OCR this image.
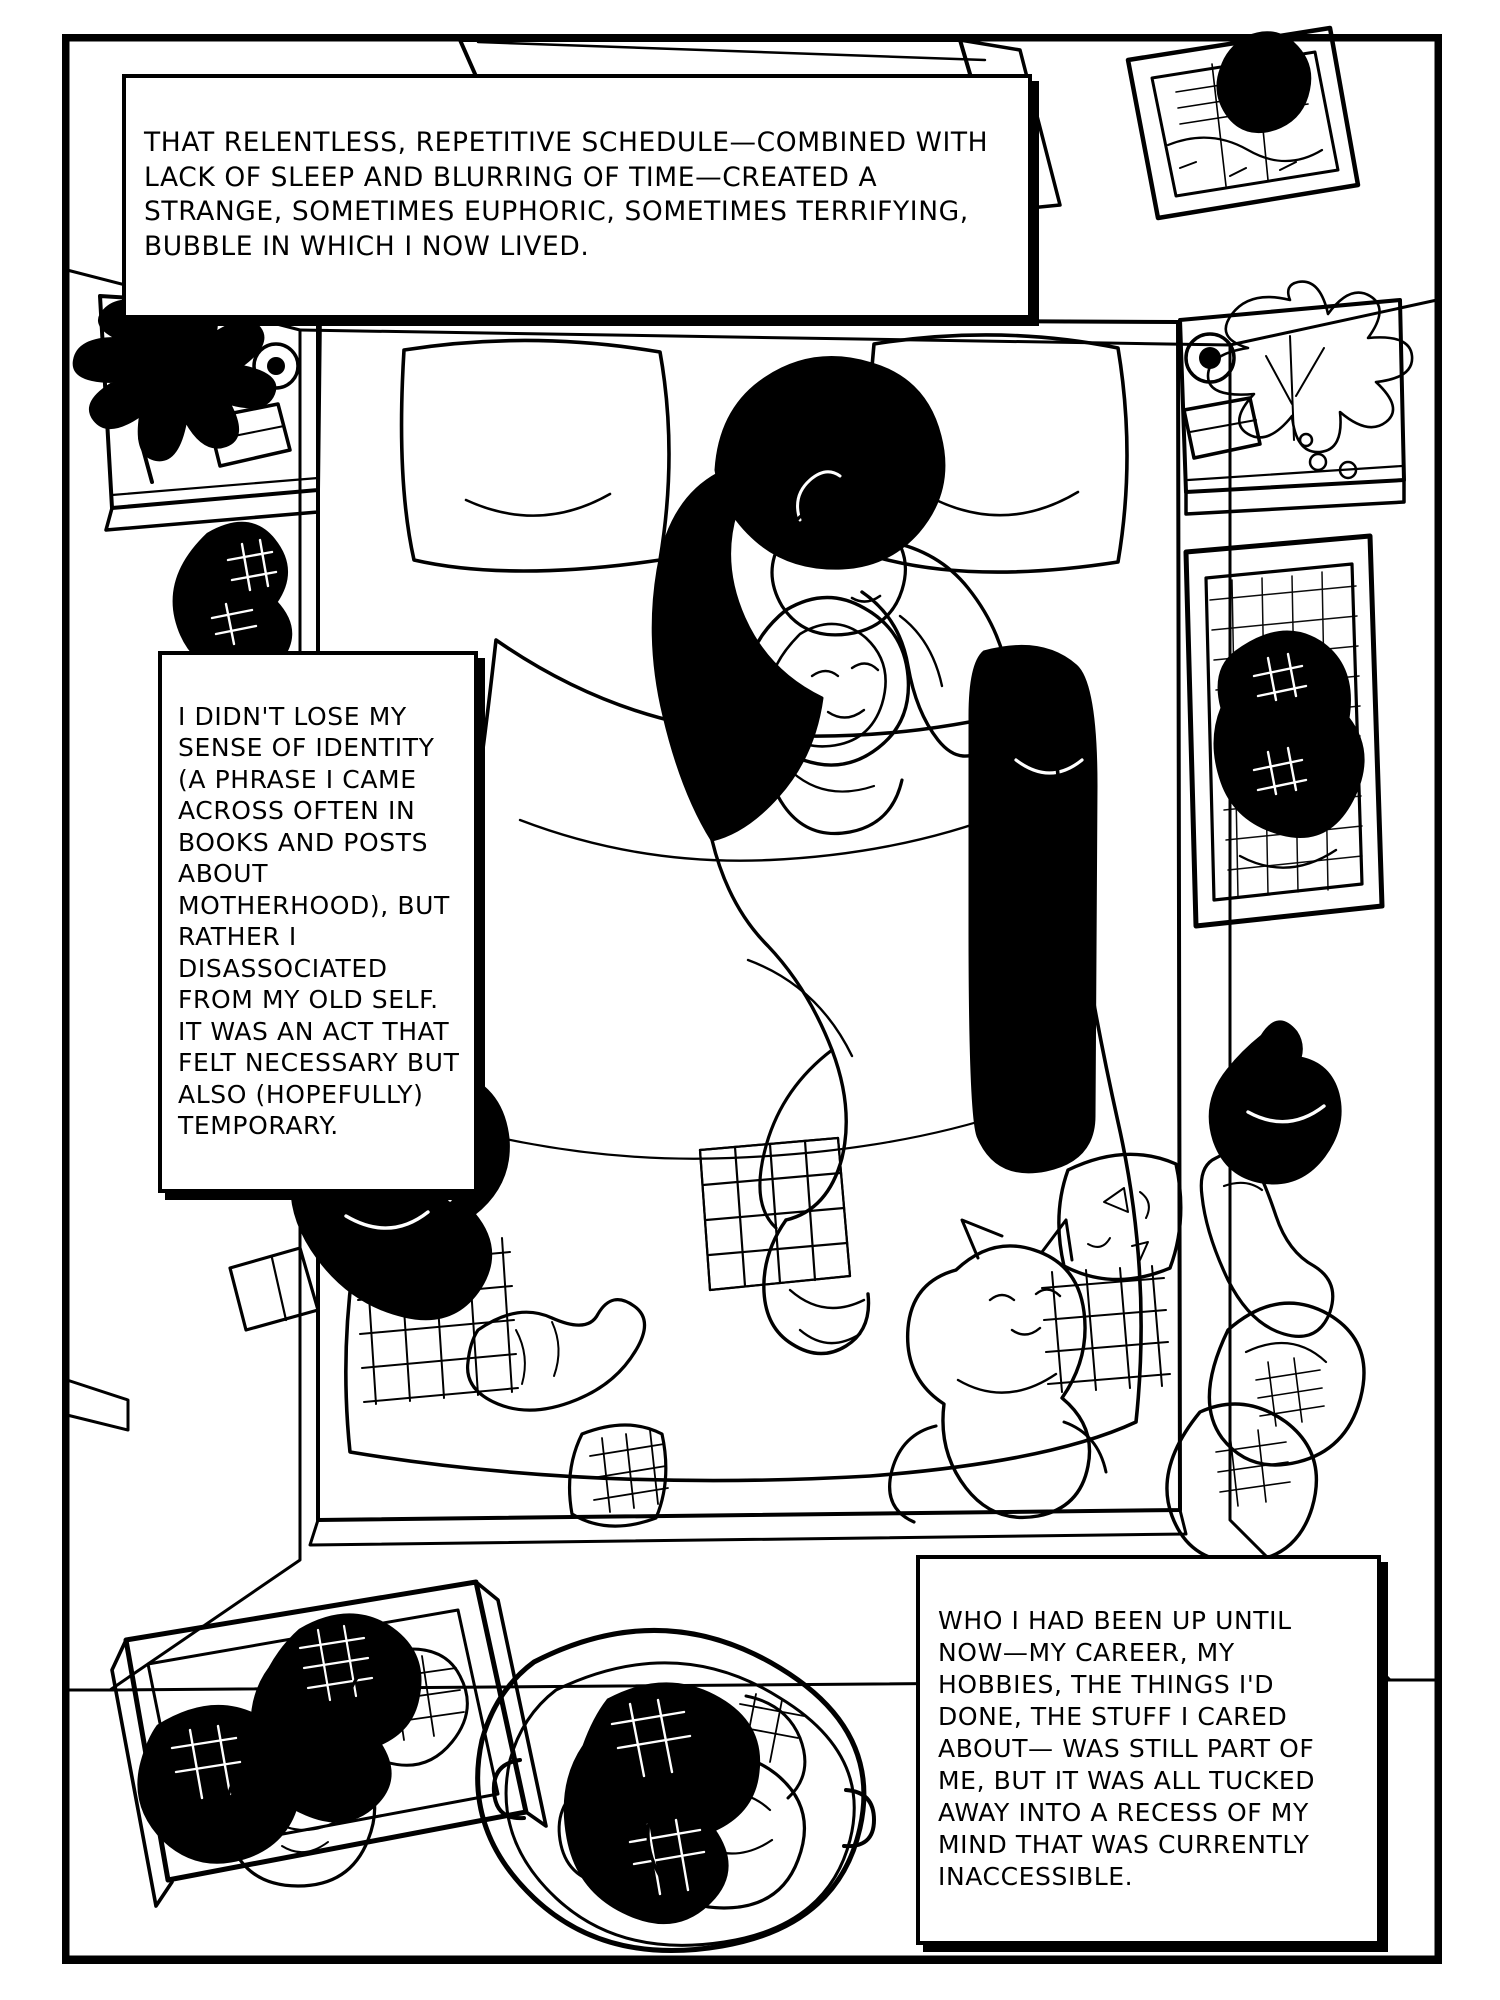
THAT RELENTLESS, REPETITIVE SCHEDULE—COMBINED WITH LACK OF SLEEP AND BLURRING OF TIME—CREATED A STRANGE, SOMETIMES EUPHORIC, SOMETIMES TERRIFYING, BUBBLE IN WHICH I NOW LIVED.

I DIDN'T LOSE MY SENSE OF IDENTITY (A PHRASE I CAME ACROSS OFTEN IN BOOKS AND POSTS ABOUT MOTHERHOOD), BUT RATHER I DISASSOCIATED FROM MY OLD SELF. IT WAS AN ACT THAT FELT NECESSARY BUT ALSO (HOPEFULLY) TEMPORARY.

WHO I HAD BEEN UP UNTIL NOW—MY CAREER, MY HOBBIES, THE THINGS I'D DONE, THE STUFF I CARED ABOUT— WAS STILL PART OF ME, BUT IT WAS ALL TUCKED AWAY INTO A RECESS OF MY MIND THAT WAS CURRENTLY INACCESSIBLE.
